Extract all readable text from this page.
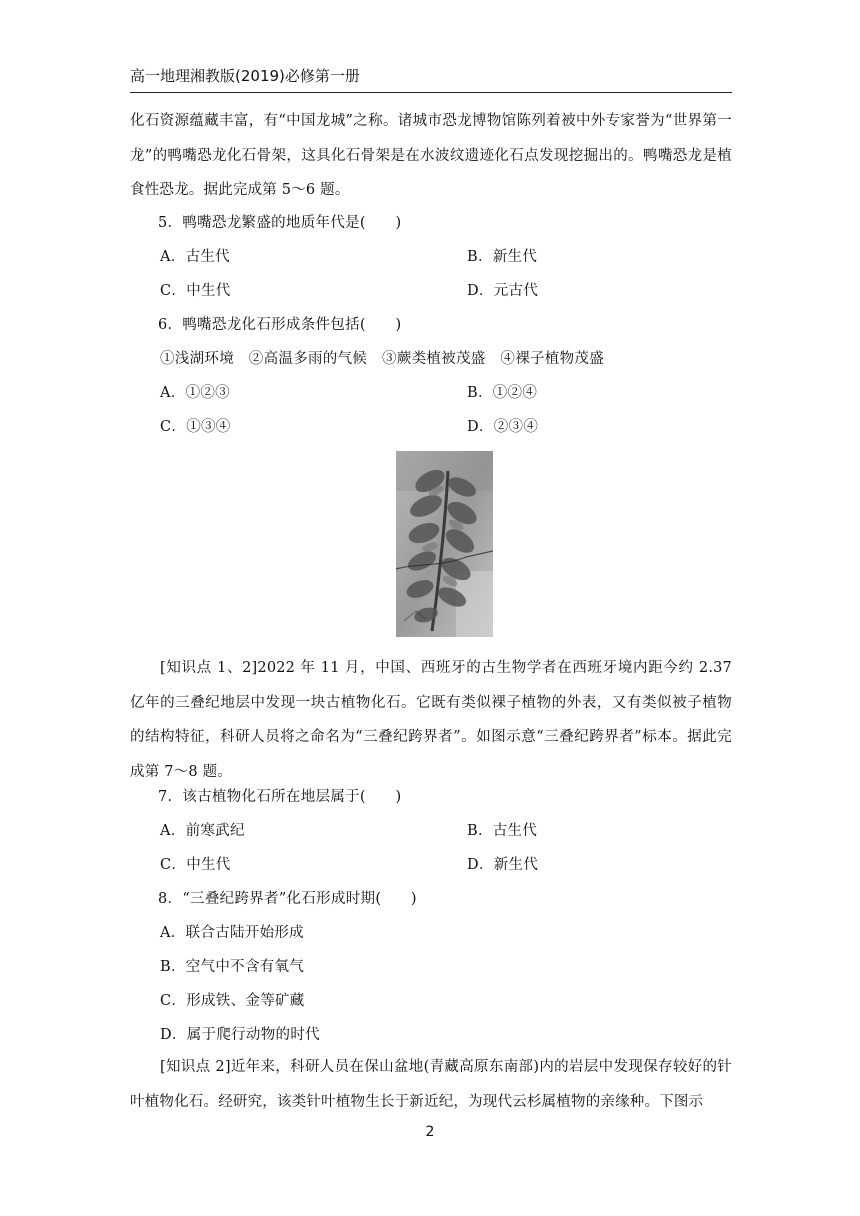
高一地理湘教版(2019)必修第一册
化石资源蕴藏丰富，有“中国龙城”之称。诸城市恐龙博物馆陈列着被中外专家誉为“世界第一龙”的鸭嘴恐龙化石骨架，这具化石骨架是在水波纹遗迹化石点发现挖掘出的。鸭嘴恐龙是植食性恐龙。据此完成第 5～6 题。
5．鸭嘴恐龙繁盛的地质年代是(　　)
A．古生代	B．新生代
C．中生代	D．元古代
6．鸭嘴恐龙化石形成条件包括(　　)
①浅湖环境　②高温多雨的气候　③蕨类植被茂盛　④裸子植物茂盛
A．①②③	B．①②④
C．①③④	D．②③④
[知识点 1、2]2022 年 11 月，中国、西班牙的古生物学者在西班牙境内距今约 2.37 亿年的三叠纪地层中发现一块古植物化石。它既有类似裸子植物的外表，又有类似被子植物的结构特征，科研人员将之命名为“三叠纪跨界者”。如图示意“三叠纪跨界者”标本。据此完成第 7～8 题。
7．该古植物化石所在地层属于(　　)
A．前寒武纪	B．古生代
C．中生代	D．新生代
8．“三叠纪跨界者”化石形成时期(　　)
A．联合古陆开始形成
B．空气中不含有氧气
C．形成铁、金等矿藏
D．属于爬行动物的时代
[知识点 2]近年来，科研人员在保山盆地(青藏高原东南部)内的岩层中发现保存较好的针叶植物化石。经研究，该类针叶植物生长于新近纪，为现代云杉属植物的亲缘种。下图示
2
